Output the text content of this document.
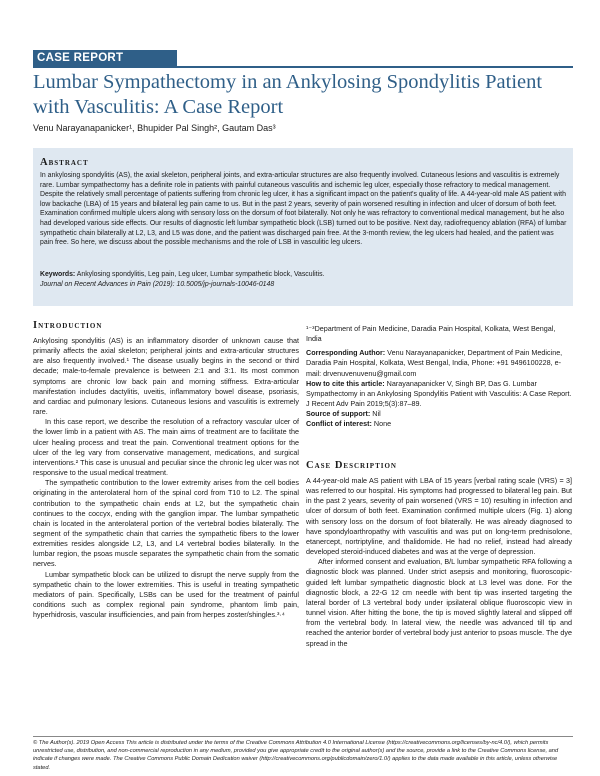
CASE REPORT
Lumbar Sympathectomy in an Ankylosing Spondylitis Patient with Vasculitis: A Case Report
Venu Narayanapanicker¹, Bhupider Pal Singh², Gautam Das³
Abstract

In ankylosing spondylitis (AS), the axial skeleton, peripheral joints, and extra-articular structures are also frequently involved. Cutaneous lesions and vasculitis is extremely rare. Lumbar sympathectomy has a definite role in patients with painful cutaneous vasculitis and ischemic leg ulcer, especially those refractory to medical management. Despite the relatively small percentage of patients suffering from chronic leg ulcer, it has a significant impact on the patient's quality of life. A 44-year-old male AS patient with low backache (LBA) of 15 years and bilateral leg pain came to us. But in the past 2 years, severity of pain worsened resulting in infection and ulcer of dorsum of both feet. Examination confirmed multiple ulcers along with sensory loss on the dorsum of foot bilaterally. Not only he was refractory to conventional medical management, but he also had developed various side effects. Our results of diagnostic left lumbar sympathetic block (LSB) turned out to be positive. Next day, radiofrequency ablation (RFA) of lumbar sympathetic chain bilaterally at L2, L3, and L5 was done, and the patient was discharged pain free. At the 3-month review, the leg ulcers had healed, and the patient was pain free. So here, we discuss about the possible mechanisms and the role of LSB in vasculitic leg ulcers.

Keywords: Ankylosing spondylitis, Leg pain, Leg ulcer, Lumbar sympathetic block, Vasculitis.

Journal on Recent Advances in Pain (2019): 10.5005/jp-journals-10046-0148

Introduction

Ankylosing spondylitis (AS) is an inflammatory disorder of unknown cause that primarily affects the axial skeleton; peripheral joints and extra-articular structures are also frequently involved.¹ The disease usually begins in the second or third decade; male-to-female prevalence is between 2:1 and 3:1. Its most common symptoms are chronic low back pain and morning stiffness. Extra-articular manifestation includes dactylitis, uveitis, inflammatory bowel disease, psoriasis, and cardiac and pulmonary lesions. Cutaneous lesions and vasculitis is extremely rare.

In this case report, we describe the resolution of a refractory vascular ulcer of the lower limb in a patient with AS. The main aims of treatment are to facilitate the ulcer healing process and treat the pain. Conventional treatment options for the ulcer of the leg vary from conservative management, medications, and surgical interventions.² This case is unusual and peculiar since the chronic leg ulcer was not responsive to the usual medical treatment.

The sympathetic contribution to the lower extremity arises from the cell bodies originating in the anterolateral horn of the spinal cord from T10 to L2. The spinal contribution to the sympathetic chain ends at L2, but the sympathetic chain continues to the coccyx, ending with the ganglion impar. The lumbar sympathetic chain is located in the anterolateral portion of the vertebral bodies bilaterally. The segment of the sympathetic chain that carries the sympathetic fibers to the lower extremities resides alongside L2, L3, and L4 vertebral bodies bilaterally. In the lumbar region, the psoas muscle separates the sympathetic chain from the somatic nerves.

Lumbar sympathetic block can be utilized to disrupt the nerve supply from the sympathetic chain to the lower extremities. This is useful in treating sympathetic mediators of pain. Specifically, LSBs can be used for the treatment of painful conditions such as complex regional pain syndrome, phantom limb pain, hyperhidrosis, vascular insufficiencies, and pain from herpes zoster/shingles.³·⁴

¹⁻³Department of Pain Medicine, Daradia Pain Hospital, Kolkata, West Bengal, India

Corresponding Author: Venu Narayanapanicker, Department of Pain Medicine, Daradia Pain Hospital, Kolkata, West Bengal, India, Phone: +91 9496100228, e-mail: drvenuvenuvenu@gmail.com

How to cite this article: Narayanapanicker V, Singh BP, Das G. Lumbar Sympathectomy in an Ankylosing Spondylitis Patient with Vasculitis: A Case Report. J Recent Adv Pain 2019;5(3):87–89.

Source of support: Nil

Conflict of interest: None

Case Description

A 44-year-old male AS patient with LBA of 15 years [verbal rating scale (VRS) = 3] was referred to our hospital. His symptoms had progressed to bilateral leg pain. But in the past 2 years, severity of pain worsened (VRS = 10) resulting in infection and ulcer of dorsum of both feet. Examination confirmed multiple ulcers (Fig. 1) along with sensory loss on the dorsum of foot bilaterally. He was already diagnosed to have spondyloarthropathy with vasculitis and was put on long-term prednisolone, etanercept, nortriptyline, and thalidomide. He had no relief, instead had already developed steroid-induced diabetes and was at the verge of depression.

After informed consent and evaluation, B/L lumbar sympathetic RFA following a diagnostic block was planned. Under strict asepsis and monitoring, fluoroscopic-guided left lumbar sympathetic diagnostic block at L3 level was done. For the diagnostic block, a 22-G 12 cm needle with bent tip was inserted targeting the lateral border of L3 vertebral body under ipsilateral oblique fluoroscopic view in tunnel vision. After hitting the bone, the tip is moved slightly lateral and slipped off from the vertebral body. In lateral view, the needle was advanced till tip and reached the anterior border of vertebral body just anterior to psoas muscle. The dye spread in the

© The Author(s). 2019 Open Access This article is distributed under the terms of the Creative Commons Attribution 4.0 International License (https://creativecommons.org/licenses/by-nc/4.0/), which permits unrestricted use, distribution, and non-commercial reproduction in any medium, provided you give appropriate credit to the original author(s) and the source, provide a link to the Creative Commons license, and indicate if changes were made. The Creative Commons Public Domain Dedication waiver (http://creativecommons.org/publicdomain/zero/1.0/) applies to the data made available in this article, unless otherwise stated.
